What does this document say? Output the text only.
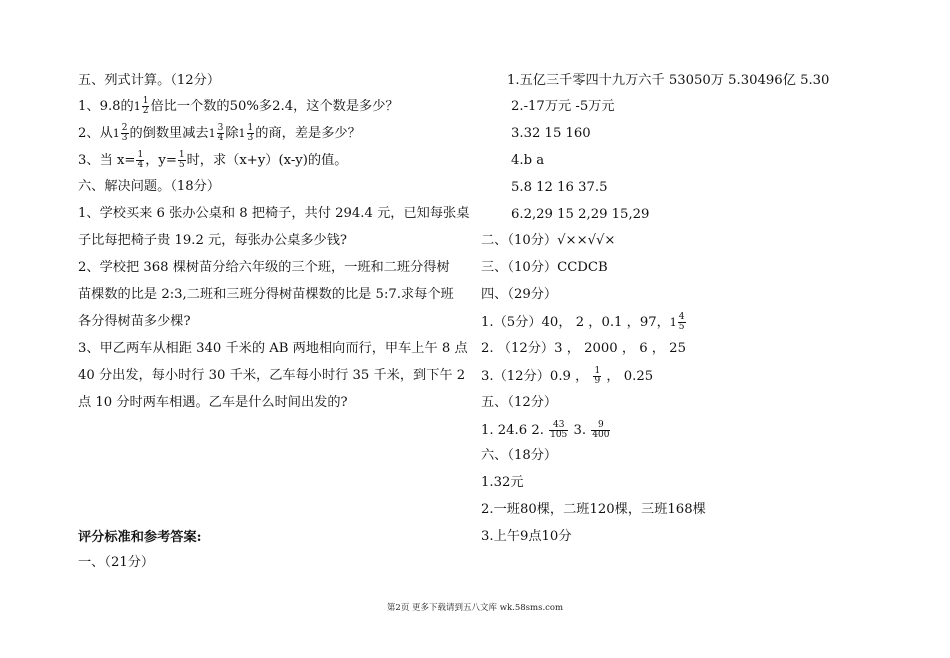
五、列式计算。（12分）
1、9.8的$1 \frac{1}{2}$ 倍比一个数的50%多2.4，这个数是多少？
2、从$1 \frac{2}{3}$ 的倒数里减去$1 \frac{3}{4}$ 除$1 \frac{1}{3}$ 的商，差是多少？
3、当 $x= \frac{1}{4}$ ，$y= \frac{1}{5}$ 时，求（x+y）(x-y)的值。
六、解决问题。（18分）
1、学校买来 6 张办公桌和 8 把椅子，共付 294.4 元，已知每张桌
子比每把椅子贵 19.2 元，每张办公桌多少钱?
2、学校把 368 棵树苗分给六年级的三个班，一班和二班分得树
苗棵数的比是 2:3,二班和三班分得树苗棵数的比是 5:7.求每个班
各分得树苗多少棵?
3、甲乙两车从相距 340 千米的 AB 两地相向而行，甲车上午 8 点
40 分出发，每小时行 30 千米，乙车每小时行 35 千米，到下午 2
点 10 分时两车相遇。乙车是什么时间出发的?
评分标准和参考答案:
一、（21分）
1.五亿三千零四十九万六千 53050万 5.30496亿 5.30
2.-17万元 -5万元
3.32 15 160
4.b a
5.8 12 16 37.5
6.2,29 15 2,29 15,29
二、（10分）√××√√×
三、（10分）CCDCB
四、（29分）
1.（5分）40， 2 ，0.1 ，97，$1 \frac{4}{5}$
2. （12分）3 ， 2000 ， 6 ， 25
3.（12分）0.9 ， $\frac{1}{9}$ ， 0.25
五、（12分）
1. 24.6 2. $\frac{43}{105} 3$. $\frac{9}{400}$
六、（18分）
1.32元
2.一班80棵，二班120棵，三班168棵
3.上午9点10分
第2页 更多下载请到五八文库 wk.58sms.com
